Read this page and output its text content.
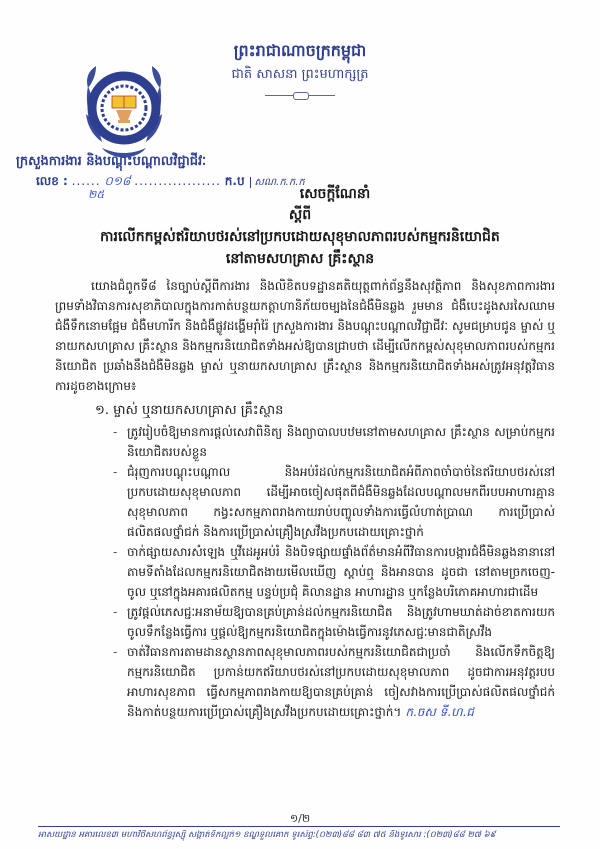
ព្រះរាជាណាចក្រកម្ពុជា
ជាតិ សាសនា ព្រះមហាក្សត្រ
ក្រសួងការងារ និងបណ្តុះបណ្តាលវិជ្ជាជីវៈ
លេខ : ...... ០១៨ .................. ក.ប សណ.ក.ក.ក
២៥	សេចក្តីណែនាំ
ស្តីពី
ការលើកកម្ពស់ឥរិយាបថរស់នៅប្រកបដោយសុខុមាលភាពរបស់កម្មករនិយោជិត
នៅតាមសហគ្រាស គ្រឹះស្ថាន

យោងជំពូកទី៨ នៃច្បាប់ស្តីពីការងារ និងលិខិតបទដ្ឋានគតិយុត្តពាក់ព័ន្ធនឹងសុវត្ថិភាព និងសុខភាពការងារ ព្រមទាំងវិធានការសុខាភិបាលក្នុងការកាត់បន្ថយកត្តាហានិភ័យចម្បងនៃជំងឺមិនឆ្លង រួមមាន ជំងឺបេះដូងសរសៃឈាម ជំងឺទឹកនោមផ្អែម ជំងឺមហារីក និងជំងឺផ្លូវដង្ហើមរ៉ាំរ៉ៃ ក្រសួងការងារ និងបណ្តុះបណ្តាលវិជ្ជាជីវៈ សូមជម្រាបជូន ម្ចាស់ ឬនាយកសហគ្រាស គ្រឹះស្ថាន និងកម្មករនិយោជិតទាំងអស់ឱ្យបានជ្រាបថា ដើម្បីលើកកម្ពស់សុខុមាលភាពរបស់កម្មករនិយោជិត ប្រឆាំងនឹងជំងឺមិនឆ្លង ម្ចាស់ ឬនាយកសហគ្រាស គ្រឹះស្ថាន និងកម្មករនិយោជិតទាំងអស់ត្រូវអនុវត្តវិធានការដូចខាងក្រោម៖

១. ម្ចាស់ ឬនាយកសហគ្រាស គ្រឹះស្ថាន
- ត្រូវរៀបចំឱ្យមានការផ្តល់សេវាពិនិត្យ និងព្យាបាលបឋមនៅតាមសហគ្រាស គ្រឹះស្ថាន សម្រាប់កម្មករនិយោជិតរបស់ខ្លួន
- ជំរុញការបណ្តុះបណ្តាល និងអប់រំដល់កម្មករនិយោជិតអំពីភាពចាំបាច់នៃឥរិយាបថរស់នៅប្រកបដោយសុខុមាលភាព ដើម្បីអាចចៀសផុតពីជំងឺមិនឆ្លងដែលបណ្តាលមកពីរបបអាហារគ្មានសុខុមាលភាព កង្វះសកម្មភាពរាងកាយរាប់បញ្ចូលទាំងការធ្វើលំហាត់ប្រាណ ការប្រើប្រាស់ផលិតផលថ្នាំជក់ និងការប្រើប្រាស់គ្រឿងស្រវឹងប្រកបដោយគ្រោះថ្នាក់
- ចាក់ផ្សាយសារសំឡេង ឬវីដេអូអប់រំ និងបិទផ្សាយផ្ទាំងព័ត៌មានអំពីវិធានការបង្ការជំងឺមិនឆ្លងនានានៅតាមទីតាំងដែលកម្មករនិយោជិតងាយមើលឃើញ ស្តាប់ឮ និងអានបាន ដូចជា នៅតាមច្រកចេញ-ចូល ឬនៅក្នុងអគារផលិតកម្ម បន្ទប់ប្រជុំ គិលានដ្ឋាន អាហារដ្ឋាន ឬកន្លែងបរិភោគអាហារជាដើម
- ត្រូវផ្តល់ភេសជ្ជៈអនាម័យឱ្យបានគ្រប់គ្រាន់ដល់កម្មករនិយោជិត និងត្រូវហាមឃាត់ដាច់ខាតការយកចូលទឹកន្លែងធ្វើការ ឬផ្តល់ឱ្យកម្មករនិយោជិតក្នុងម៉ោងធ្វើការនូវភេសជ្ជៈមានជាតិស្រវឹង
- ចាត់វិធានការតាមដានស្ថានភាពសុខុមាលភាពរបស់កម្មករនិយោជិតជាប្រចាំ និងលើកទឹកចិត្តឱ្យកម្មករនិយោជិត ប្រកាន់យកឥរិយាបថរស់នៅប្រកបដោយសុខុមាលភាព ដូចជាការអនុវត្តរបបអាហារសុខភាព ធ្វើសកម្មភាពរាងកាយឱ្យបានគ្រប់គ្រាន់ ចៀសវាងការប្រើប្រាស់ផលិតផលថ្នាំជក់ និងកាត់បន្ថយការប្រើប្រាស់គ្រឿងស្រវឹងប្រកបដោយគ្រោះថ្នាក់។ ក.ចស ទី.ហ.ជ
១/២
អាសយដ្ឋាន អគារលេខ៣ មហាវិថីសហព័ន្ធរុស្ស៊ី សង្កាត់ទឹកល្អក់១ ខណ្ឌទួលគោក ទូរស័ព្ទ:(០២៣)៨៨ ៨៣ ៧៥ និងទូរសារ :(០២៣)៨៨ ២៧ ៦៩
